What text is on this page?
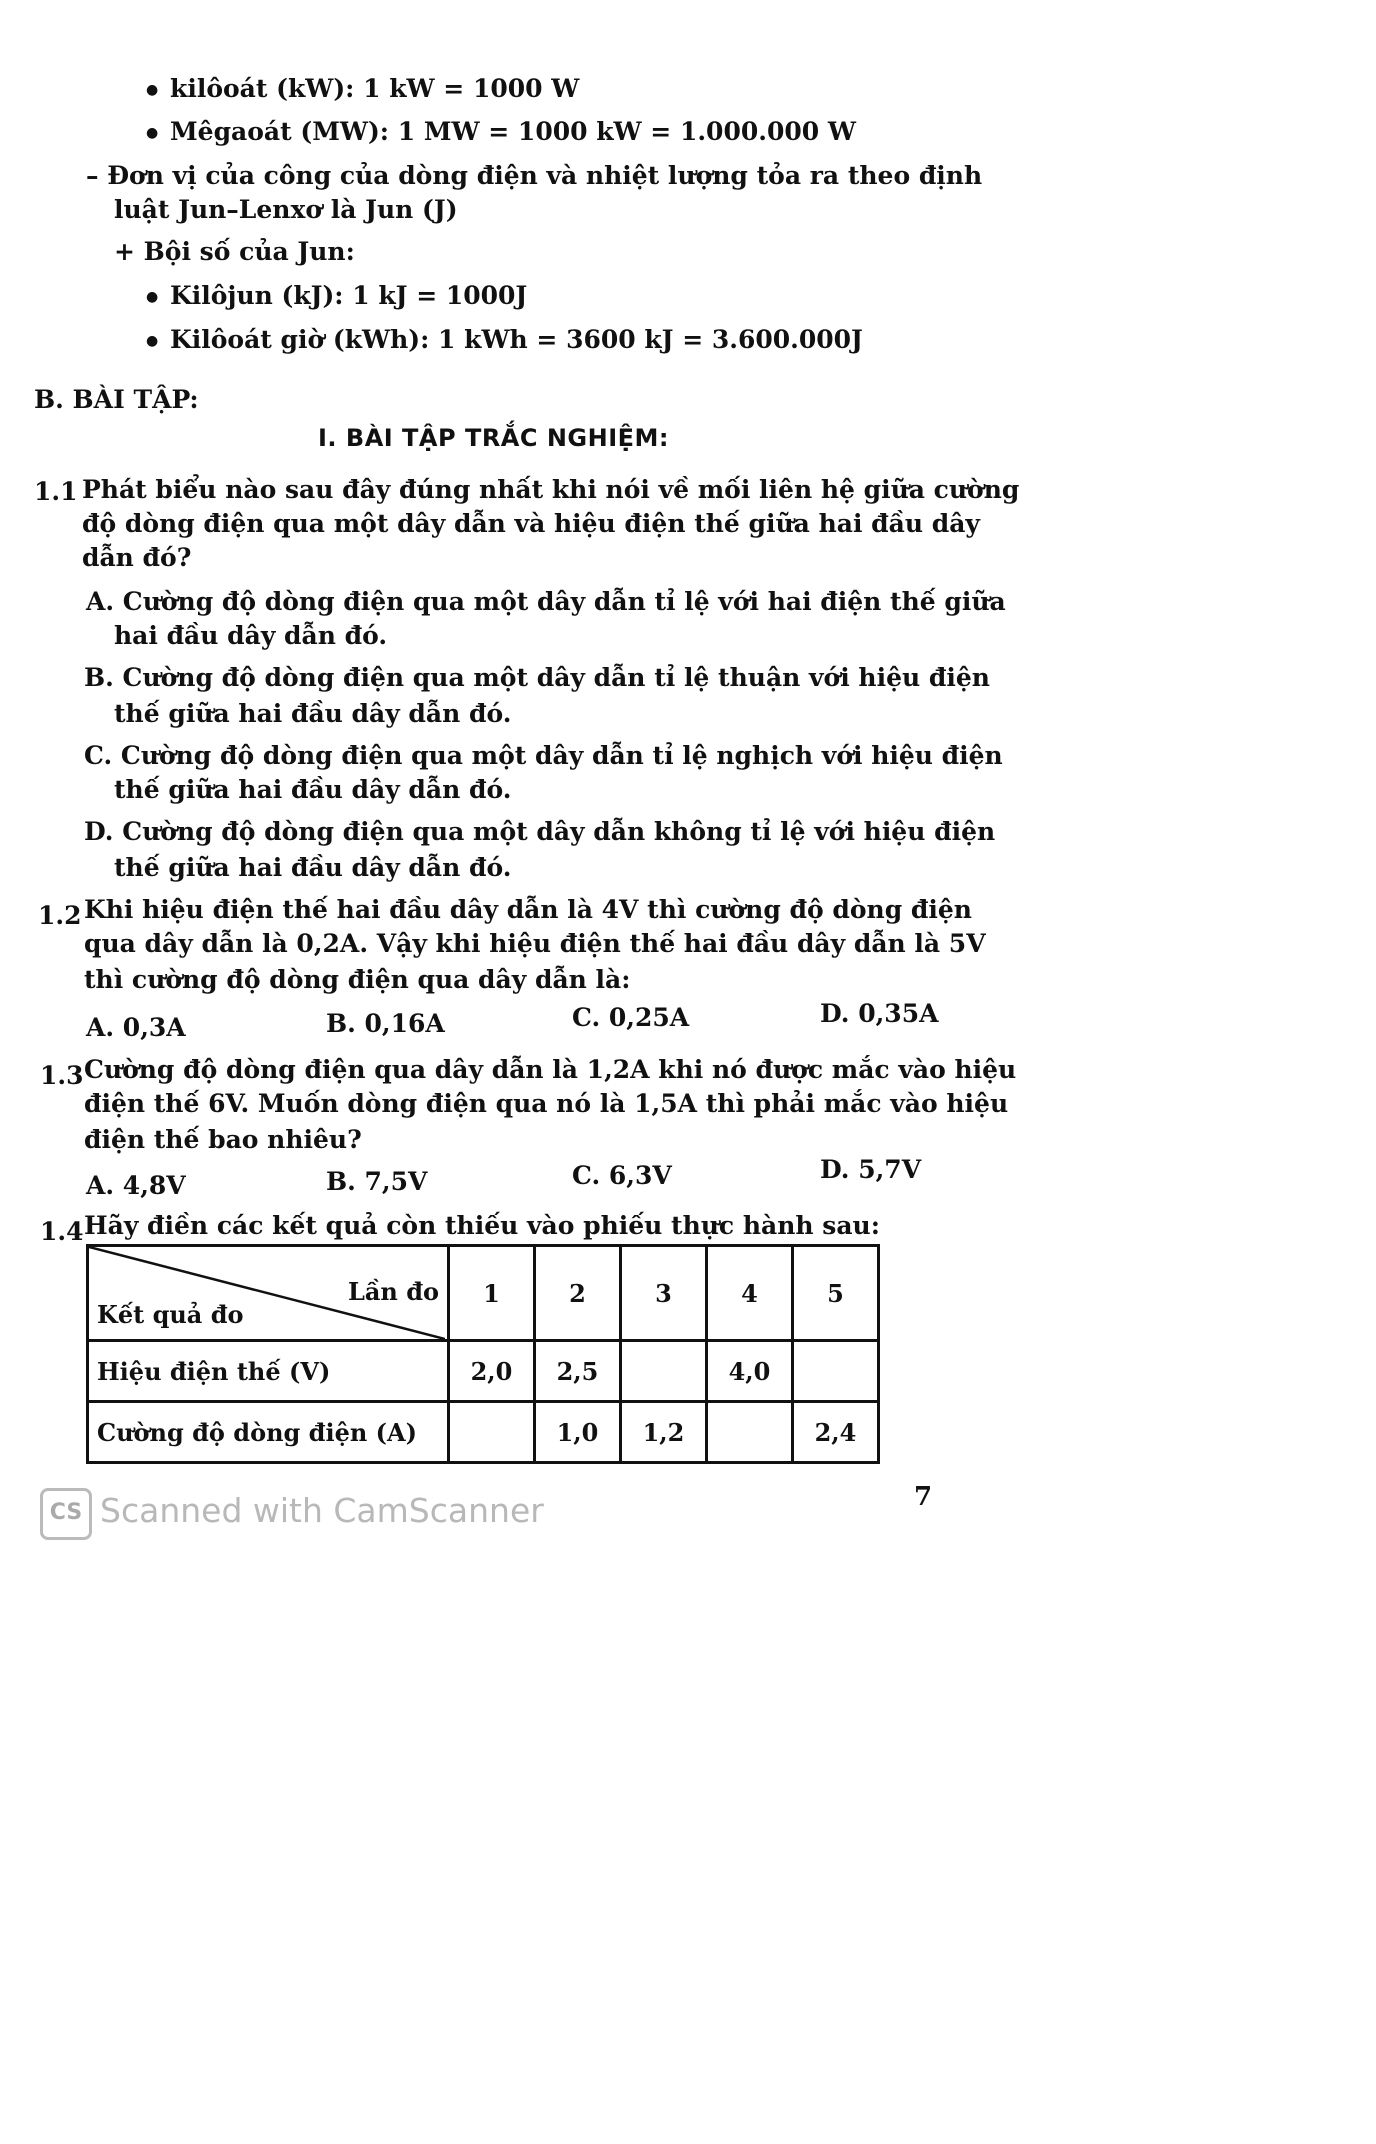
● kilôoát (kW): 1 kW = 1000 W
● Mêgaoát (MW): 1 MW = 1000 kW = 1.000.000 W
– Đơn vị của công của dòng điện và nhiệt lượng tỏa ra theo định
luật Jun–Lenxơ là Jun (J)
+ Bội số của Jun:
● Kilôjun (kJ): 1 kJ = 1000J
● Kilôoát giờ (kWh): 1 kWh = 3600 kJ = 3.600.000J
B. BÀI TẬP:
I. BÀI TẬP TRẮC NGHIỆM:
1.1 Phát biểu nào sau đây đúng nhất khi nói về mối liên hệ giữa cường
độ dòng điện qua một dây dẫn và hiệu điện thế giữa hai đầu dây
dẫn đó?
A. Cường độ dòng điện qua một dây dẫn tỉ lệ với hai điện thế giữa
hai đầu dây dẫn đó.
B. Cường độ dòng điện qua một dây dẫn tỉ lệ thuận với hiệu điện
thế giữa hai đầu dây dẫn đó.
C. Cường độ dòng điện qua một dây dẫn tỉ lệ nghịch với hiệu điện
thế giữa hai đầu dây dẫn đó.
D. Cường độ dòng điện qua một dây dẫn không tỉ lệ với hiệu điện
thế giữa hai đầu dây dẫn đó.
1.2 Khi hiệu điện thế hai đầu dây dẫn là 4V thì cường độ dòng điện
qua dây dẫn là 0,2A. Vậy khi hiệu điện thế hai đầu dây dẫn là 5V
thì cường độ dòng điện qua dây dẫn là:
A. 0,3A	B. 0,16A	C. 0,25A	D. 0,35A
1.3 Cường độ dòng điện qua dây dẫn là 1,2A khi nó được mắc vào hiệu
điện thế 6V. Muốn dòng điện qua nó là 1,5A thì phải mắc vào hiệu
điện thế bao nhiêu?
A. 4,8V	B. 7,5V	C. 6,3V	D. 5,7V
1.4 Hãy điền các kết quả còn thiếu vào phiếu thực hành sau:
Lần đo
Kết quả đo	1	2	3	4	5
Hiệu điện thế (V)	2,0	2,5		4,0	
Cường độ dòng điện (A)		1,0	1,2		2,4
CS Scanned with CamScanner	7
